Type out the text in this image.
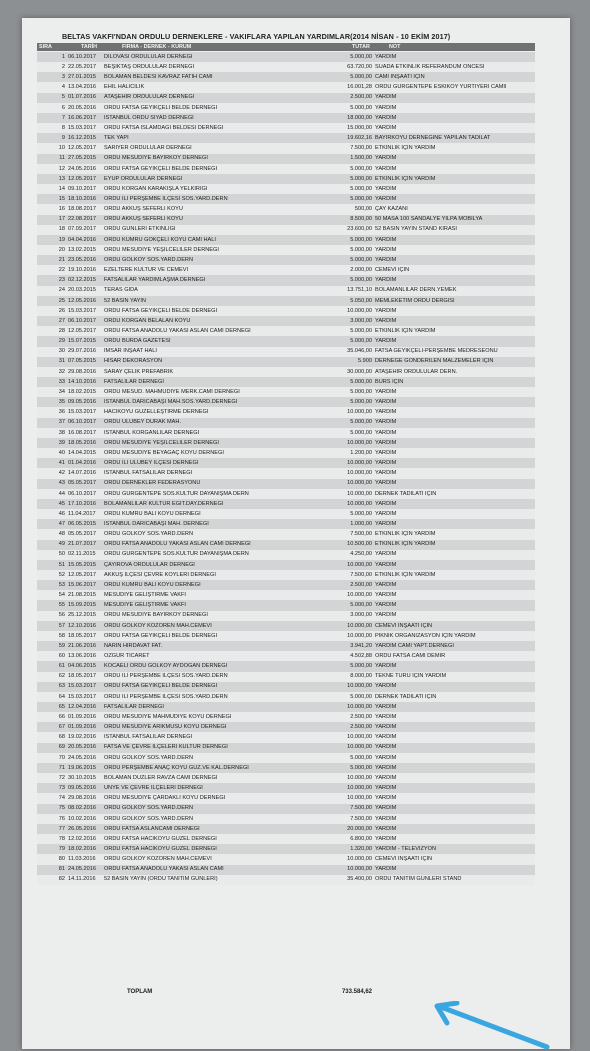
BELTAS VAKFI'NDAN ORDULU DERNEKLERE - VAKIFLARA YAPILAN YARDIMLAR(2014 NİSAN - 10 EKİM 2017)
SIRA	TARİH	FİRMA - DERNEK - KURUM	TUTAR	NOT
1 06.10.2017 DİLOVASI ORDULULAR DERNEĞİ	5.000,00 YARDIM
2 22.05.2017 BEŞİKTAŞ ORDULULAR DERNEĞİ	63.720,00 SUADA ETKİNLİK REFERANDUM ÖNCESİ
3 27.01.2015 BOLAMAN BELDESİ KAVRAZ FATİH CAMİ	5.000,00 CAMİ İNŞAATI İÇİN
4 13.04.2016 EHİL HALICILIK	16.001,28 ORDU GÜRGENTEPE ESKİKÖY YURTİYERİ CAMİİ
5 01.07.2016 ATAŞEHİR ORDULULAR DERNEĞİ	2.500,00 YARDIM
6 20.05.2016 ORDU FATSA GEYİKÇELİ BELDE DERNEĞİ	5.000,00 YARDIM
7 16.06.2017 İSTANBUL ORDU SİYAD DERNEĞİ	18.000,00 YARDIM
8 15.03.2017 ORDU FATSA İSLAMDAĞI BELDESİ DERNEĞİ	15.000,00 YARDIM
9 16.12.2015 TEK YAPI	19.602,16 BAYIRKÖYÜ DERNEĞİNE YAPILAN TADİLAT
10 12.05.2017 SARIYER ORDULULAR DERNEĞİ	7.500,00 ETKİNLİK İÇİN YARDIM
11 27.05.2015 ORDU MESUDİYE BAYIRKÖY DERNEĞİ	1.500,00 YARDIM
12 24.05.2016 ORDU FATSA GEYİKÇELİ BELDE DERNEĞİ	5.000,00 YARDIM
13 12.05.2017 EYÜP ORDULULAR DERNEĞİ	5.000,00 ETKİNLİK İÇİN YARDIM
14 09.10.2017 ORDU KORGAN KARAKIŞLA YELKIRIĞI	5.000,00 YARDIM
15 18.10.2016 ORDU İLİ PERŞEMBE İLÇESİ SOS.YARD.DERN	5.000,00 YARDIM
16 18.08.2017 ORDU AKKUŞ SEFERLİ KÖYÜ	500,00 ÇAY KAZANI
17 22.08.2017 ORDU AKKUŞ SEFERLİ KÖYÜ	8.500,00 50 MASA 100 SANDALYE YILPA MOBİLYA
18 07.09.2017 ORDU GÜNLERİ ETKİNLİĞİ	23.600,00 52 BASIN YAYIN STAND KİRASI
19 04.04.2016 ORDU KUMRU GÖKÇELİ KÖYÜ CAMİ HALI	5.000,00 YARDIM
20 13.02.2015 ORDU MESUDİYE YEŞİLCELİLER DERNEĞİ	5.000,00 YARDIM
21 23.05.2016 ORDU GÖLKÖY SOS.YARD.DERN	5.000,00 YARDIM
22 19.10.2016 EZELTERE KÜLTÜR VE CEMEVİ	2.000,00 CEMEVİ İÇİN
23 02.12.2015 FATSALILAR YARDIMLAŞMA DERNEĞİ	5.000,00 YARDIM
24 20.03.2015 TERAS GIDA	13.751,10 BOLAMANLILAR DERN.YEMEK
25 12.05.2016 52 BASIN YAYIN	5.050,00 MEMLEKETİM ORDU DERGİSİ
26 15.03.2017 ORDU FATSA GEYİKÇELİ BELDE DERNEĞİ	10.000,00 YARDIM
27 06.10.2017 ORDU KORGAN BELALAN KÖYÜ	3.000,00 YARDIM
28 12.05.2017 ORDU FATSA ANADOLU YAKASI ASLAN CAMİ DERNEĞİ	5.000,00 ETKİNLİK İÇİN YARDIM
29 15.07.2015 ORDU BURDA GAZETESİ	5.000,00 YARDIM
30 29.07.2016 İMSAR İNŞAAT HALI	35.046,00 FATSA GEYİKÇELİ-PERŞEMBE MEDRESEÖNÜ
31 07.05.2015 HİSAR DEKORASYON	5.900 DERNEĞE GÖNDERİLEN MALZEMELER İÇİN
32 29.08.2016 SARAY ÇELİK PREFABRİK	30.000,00 ATAŞEHİR ORDULULAR DERN.
33 14.10.2016 FATSALILAR DERNEĞİ	5.000,00 BURS İÇİN
34 18.02.2015 ORDU MESUD. MAHMUDİYE MERK.CAMİ DERNEĞİ	5.000,00 YARDIM
35 09.05.2016 İSTANBUL DARICABAŞI MAH.SOS.YARD.DERNEĞİ	5.000,00 YARDIM
36 15.03.2017 HACIKÖYÜ GÜZELLEŞTİRME DERNEĞİ	10.000,00 YARDIM
37 06.10.2017 ORDU ULUBEY DURAK MAH.	5.000,00 YARDIM
38 16.08.2017 İSTANBUL KORGANLILAR DERNEĞİ	5.000,00 YARDIM
39 18.05.2016 ORDU MESUDİYE YEŞİLCELİLER DERNEĞİ	10.000,00 YARDIM
40 14.04.2015 ORDU MESUDİYE BEYAGAÇ KÖYÜ DERNEĞİ	1.200,00 YARDIM
41 01.04.2016 ORDU İLİ ULUBEY İLÇESİ DERNEĞİ	10.000,00 YARDIM
42 14.07.2016 İSTANBUL FATSALILAR DERNEĞİ	10.000,00 YARDIM
43 05.05.2017 ORDU DERNEKLER FEDERASYONU	10.000,00 YARDIM
44 06.10.2017 ORDU GÜRGENTEPE SOS.KÜLTÜR DAYANIŞMA DERN	10.000,00 DERNEK TADİLATI İÇİN
45 17.10.2016 BOLAMANLILAR KÜLTÜR EĞİT.DAY.DERNEĞİ	10.000,00 YARDIM
46 11.04.2017 ORDU KUMRU BALI KÖYÜ DERNEĞİ	5.000,00 YARDIM
47 06.05.2015 İSTANBUL DARICABAŞI MAH. DERNEĞİ	1.000,00 YARDIM
48 05.05.2017 ORDU GÖLKÖY SOS.YARD.DERN	7.500,00 ETKİNLİK İÇİN YARDIM
49 21.07.2017 ORDU FATSA ANADOLU YAKASI ASLAN CAMİ DERNEĞİ	10.500,00 ETKİNLİK İÇİN YARDIM
50 02.11.2015 ORDU GÜRGENTEPE SOS.KÜLTÜR DAYANIŞMA DERN	4.250,00 YARDIM
51 15.05.2015 ÇAYIROVA ORDULULAR DERNEĞİ	10.000,00 YARDIM
52 12.05.2017 AKKUŞ İLÇESİ ÇEVRE KÖYLERİ DERNEĞİ	7.500,00 ETKİNLİK İÇİN YARDIM
53 15.06.2017 ORDU KUMRU BALI KÖYÜ DERNEĞİ	2.500,00 YARDIM
54 21.08.2015 MESUDİYE GELİŞTİRME VAKFI	10.000,00 YARDIM
55 15.09.2015 MESUDİYE GELİŞTİRME VAKFI	5.000,00 YARDIM
56 25.12.2015 ORDU MESUDİYE BAYIRKÖY DERNEĞİ	3.000,00 YARDIM
57 12.10.2016 ORDU GÖLKÖY KOZÖREN MAH.CEMEVİ	10.000,00 CEMEVİ İNŞAATI İÇİN
58 18.05.2017 ORDU FATSA GEYİKÇELİ BELDE DERNEĞİ	10.000,00 PİKNİK ORGANİZASYON İÇİN YARDIM
59 21.06.2016 NARİN HIRDAVAT FAT.	3.941,20 YARDIM CAMİ YAPT.DERNEĞİ
60 13.06.2016 ÖZGÜR TİCARET	4.502,88 ORDU FATSA CAMİ DEMİR
61 04.06.2015 KOCAELİ ORDU GÖLKÖY AYDOĞAN DERNEĞİ	5.000,00 YARDIM
62 18.05.2017 ORDU İLİ PERŞEMBE İLÇESİ SOS.YARD.DERN	8.000,00 TEKNE TURU İÇİN YARDIM
63 15.03.2017 ORDU FATSA GEYİKÇELİ BELDE DERNEĞİ	10.000,00 YARDIM
64 15.03.2017 ORDU İLİ PERŞEMBE İLÇESİ SOS.YARD.DERN	5.000,00 DERNEK TADİLATI İÇİN
65 12.04.2016 FATSALILAR DERNEĞİ	10.000,00 YARDIM
66 01.09.2016 ORDU MESUDİYE MAHMUDİYE KÖYÜ DERNEĞİ	2.500,00 YARDIM
67 01.09.2016 ORDU MESUDİYE ARIKMUSU KÖYÜ DERNEĞİ	2.500,00 YARDIM
68 19.02.2016 İSTANBUL FATSALILAR DERNEĞİ	10.000,00 YARDIM
69 20.05.2016 FATSA VE ÇEVRE İLÇELERİ KÜLTÜR DERNEĞİ	10.000,00 YARDIM
70 24.05.2016 ORDU GÖLKÖY SOS.YARD.DERN	5.000,00 YARDIM
71 19.06.2015 ORDU PERŞEMBE ANAÇ KÖYÜ GÜZ.VE KAL.DERNEĞİ	5.000,00 YARDIM
72 30.10.2015 BOLAMAN DÜZLER RAVZA CAMİ DERNEĞİ	10.000,00 YARDIM
73 09.05.2016 ÜNYE VE ÇEVRE İLÇELERİ DERNEĞİ	10.000,00 YARDIM
74 29.08.2016 ORDU MESUDİYE ÇARDAKLI KÖYÜ DERNEĞİ	10.000,00 YARDIM
75 08.02.2016 ORDU GÖLKÖY SOS.YARD.DERN	7.500,00 YARDIM
76 10.02.2016 ORDU GÖLKÖY SOS.YARD.DERN	7.500,00 YARDIM
77 26.05.2016 ORDU FATSA ASLANCAMİ DERNEĞİ	20.000,00 YARDIM
78 12.02.2016 ORDU FATSA HACIKÖYÜ GÜZEL DERNEĞİ	6.800,00 YARDIM
79 18.02.2016 ORDU FATSA HACIKÖYÜ GÜZEL DERNEĞİ	1.320,00 YARDIM - TELEVİZYON
80 11.03.2016 ORDU GÖLKÖY KOZÖREN MAH.CEMEVİ	10.000,00 CEMEVİ İNŞAATI İÇİN
81 24.05.2016 ORDU FATSA ANADOLU YAKASI ASLAN CAMİ	10.000,00 YARDIM
82 14.11.2016 52 BASIN YAYIN (ORDU TANITIM GÜNLERİ)	35.400,00 ORDU TANITIM GÜNLERİ STAND
TOPLAM	733.584,62
